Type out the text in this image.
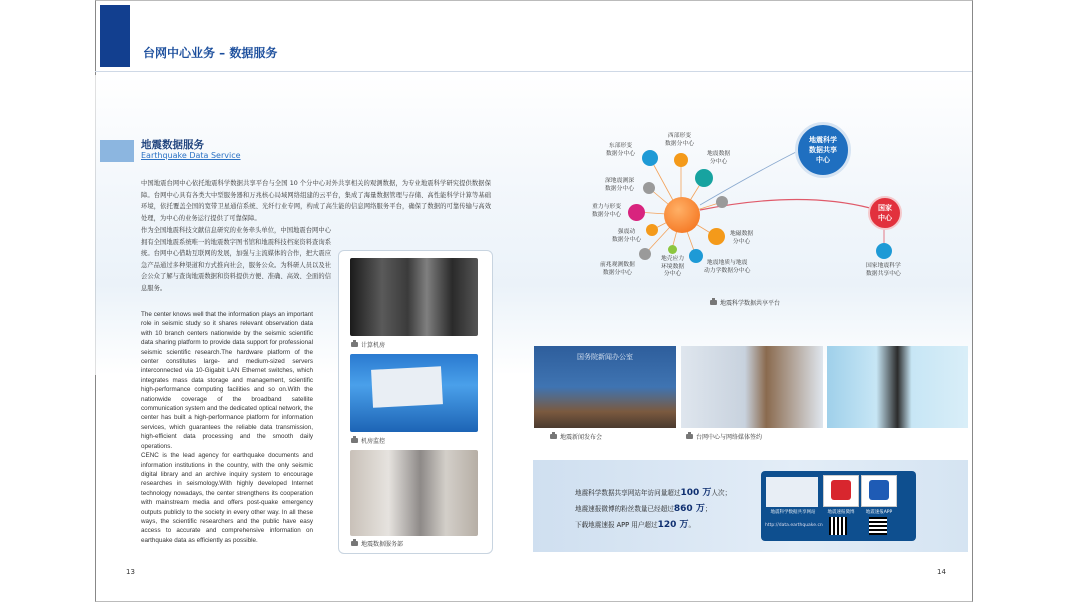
台网中心业务 – 数据服务
地震数据服务
Earthquake Data Service
中国地震台网中心依托地震科学数据共享平台与全国 10 个分中心对外共享相关的观测数据，为专业地震科学研究提供数据保障。台网中心具有各类大中型服务器和万兆核心局域网络组建的云平台，集成了海量数据管理与存储、高性能科学计算等基础环境，依托覆盖全国的宽带卫星通信系统、光纤行业专网，构成了高生能的信息网络服务平台，确保了数据的可靠传输与高效处理，为中心的业务运行提供了可靠保障。
作为全国地震科技文献信息研究的业务牵头单位，中国地震台网中心拥有全国地震系统唯一的地震数字图书馆和地震科技档案资料查询系统。台网中心借助互联网的发展，加强与主流媒体的合作，把大震应急产品通过多种渠道和方式推向社会，服务公众。为科研人员以及社会公众了解与查询地震数据和资料提供方便、准确、高效、全面的信息服务。
The center knows well that the information plays an important role in seismic study so it shares relevant observation data with 10 branch centers nationwide by the seismic scientific data sharing platform to provide data support for professional seismic scientific research.The hardware platform of the center constitutes large- and medium-sized servers interconnected via 10-Gigabit LAN Ethernet switches, which integrates mass data storage and management, scientific high-performance computing facilities and so on.With the nationwide coverage of the broadband satellite communication system and the dedicated optical network, the center has built a high-performance platform for information services, which guarantees the reliable data transmission, high-efficient data processing and the smooth daily operations.
CENC is the lead agency for earthquake documents and information institutions in the country, with the only seismic digital library and an archive inquiry system to encourage researches in seismology.With highly developed Internet technology nowadays, the center strengthens its cooperation with mainstream media and offers post-quake emergency outputs publicly to the society in every other way. In all these ways, the scientific researchers and the public have easy access to accurate and comprehensive information on earthquake data as efficiently as possible.
计算机房
机房监控
地震数据服务部
13	14
东部形变
数据分中心
西部形变
数据分中心
地震数据
分中心
深地震测深
数据分中心
重力与形变
数据分中心
强震动
数据分中心
地磁数据
分中心
地壳应力
环境数据
分中心
地震地质与地震
动力学数据分中心
前兆观测数据
数据分中心
地震科学
数据共享
中心
国家
中心
国家地震科学
数据共享中心
地震科学数据共享平台
国务院新闻办公室
地震新闻发布会	台网中心与网络媒体签约
地震科学数据共享网站年访问量超过100 万人次；
地震速报微博的粉丝数量已经超过860 万；
下载地震速报 APP 用户超过120 万。
地震科学数据共享网站	地震速报微博	地震速报APP
http://data.earthquake.cn
